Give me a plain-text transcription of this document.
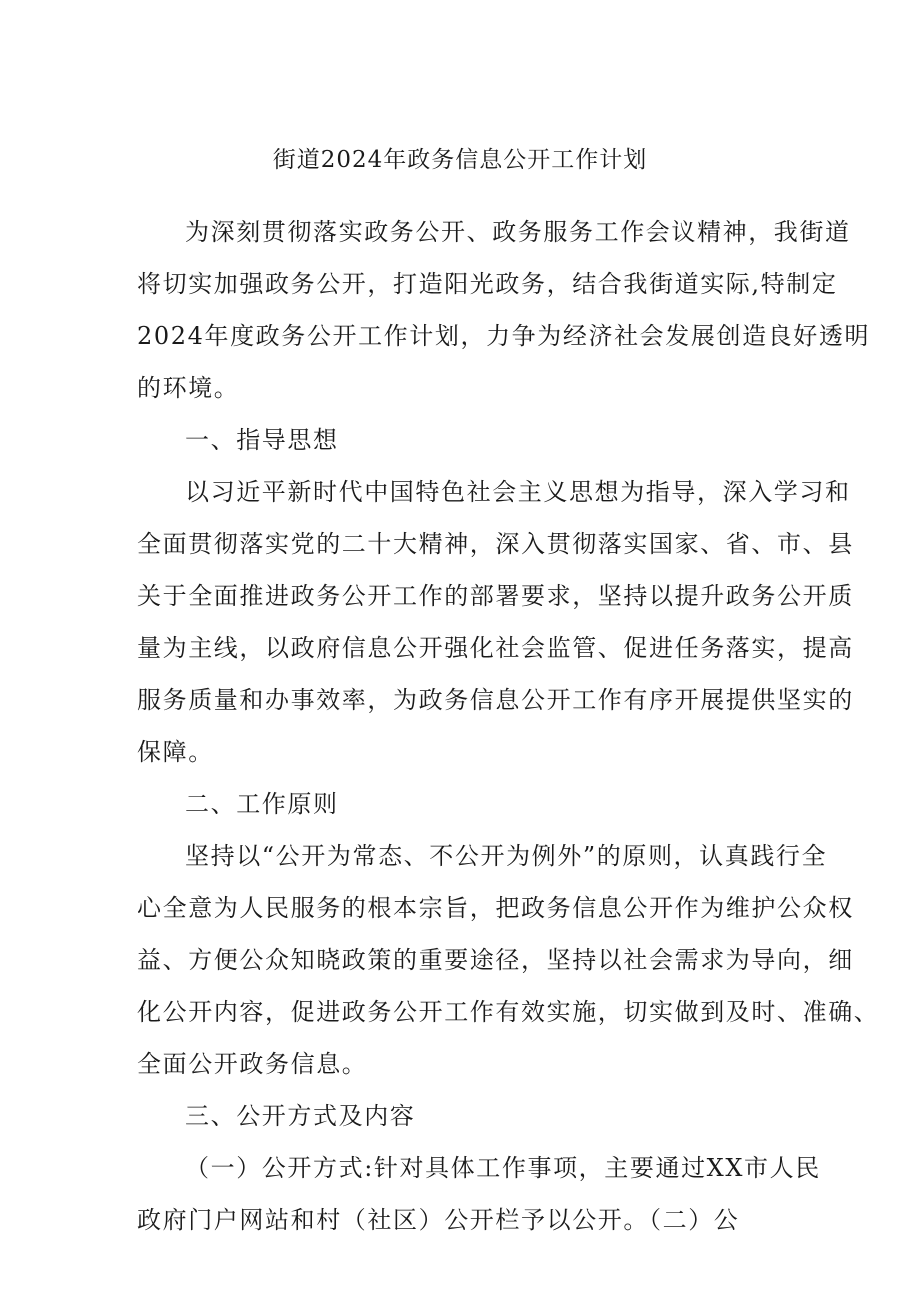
街道2024年政务信息公开工作计划
为深刻贯彻落实政务公开、政务服务工作会议精神，我街道
将切实加强政务公开，打造阳光政务，结合我街道实际,特制定
2024年度政务公开工作计划，力争为经济社会发展创造良好透明
的环境。
一、指导思想
以习近平新时代中国特色社会主义思想为指导，深入学习和
全面贯彻落实党的二十大精神，深入贯彻落实国家、省、市、县
关于全面推进政务公开工作的部署要求，坚持以提升政务公开质
量为主线，以政府信息公开强化社会监管、促进任务落实，提高
服务质量和办事效率，为政务信息公开工作有序开展提供坚实的
保障。
二、工作原则
坚持以“公开为常态、不公开为例外”的原则，认真践行全
心全意为人民服务的根本宗旨，把政务信息公开作为维护公众权
益、方便公众知晓政策的重要途径，坚持以社会需求为导向，细
化公开内容，促进政务公开工作有效实施，切实做到及时、准确、
全面公开政务信息。
三、公开方式及内容
（一）公开方式:针对具体工作事项，主要通过XX市人民
政府门户网站和村（社区）公开栏予以公开。（二）公
